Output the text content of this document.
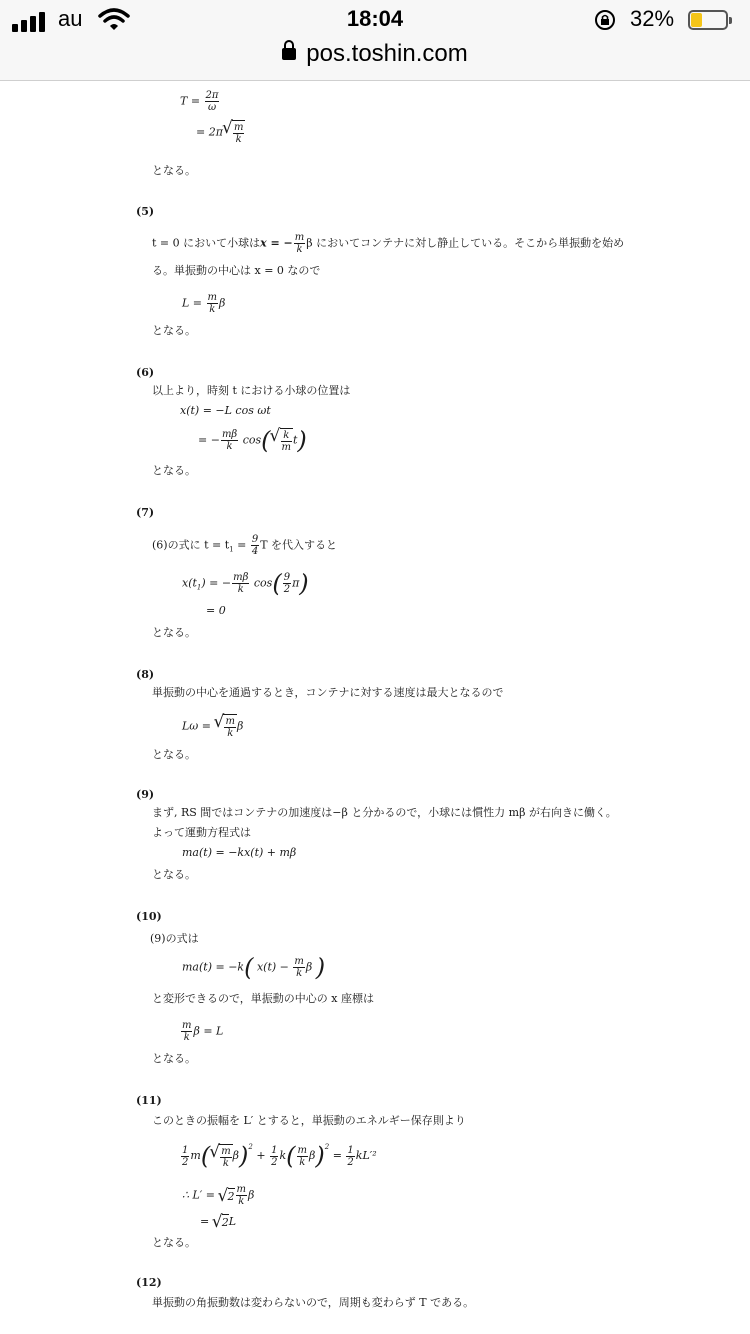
au	18:04	32%
pos.toshin.com
$T = \frac{2\pi}{\omega}$
= 2π √ $\frac{m}{k}$
となる。
(5)
t = 0 において小球はx = − $\frac{m}{k}$ β においてコンテナに対し静止している。そこから単振動を始め
る。単振動の中心は x = 0 なので
$L = \frac{m}{k}$ β
となる。
(6)
以上より，時刻 t における小球の位置は
x(t) = −L cos ωt
= − $\frac{m\beta}{k} \cos$( √ $\frac{k}{m} t$)
となる。
(7)
(6)の式に $t = t_1 = \frac{9}{4}$ T を代入すると
$x(t_1)$ = − $\frac{m\beta}{k} \cos( \frac{9}{2} \pi)$
= 0
となる。
(8)
単振動の中心を通過するとき，コンテナに対する速度は最大となるので
Lω = √ $\frac{m}{k}$ β
となる。
(9)
まず, RS 間ではコンテナの加速度は−β と分かるので，小球には慣性力 mβ が右向きに働く。
よって運動方程式は
ma(t) = −kx(t) + mβ
となる。
(10)
(9)の式は
ma(t) = −k( $x(t) - \frac{m}{k}$ β )
と変形できるので，単振動の中心の x 座標は
$\frac{m}{k}$ β = L
となる。
(11)
このときの振幅を L′ とすると，単振動のエネルギー保存則より
$\frac{1}{2} m$( √ $\frac{m}{k} \beta)^2 + \frac{1}{2} k( \frac{m}{k} \beta)^2 = \frac{1}{2} kL'^2$
∴ L′ = √ $2 \frac{m}{k}$ β
= √ 2L
となる。
(12)
単振動の角振動数は変わらないので，周期も変わらず T である。
